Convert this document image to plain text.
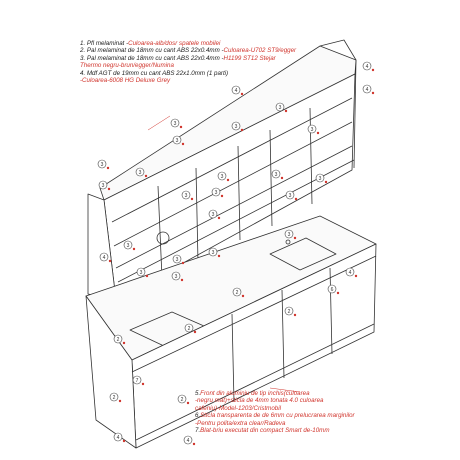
4
4
4
3
3
3
3
3
3
3
3	3
3
3	3
3
3
3
3
3
3
3
3
3
4
2	6
4
2
2
2
7
2
2
4	4
1. Pfl melaminat -Culoarea-alb/dosr spatele mobilei
2. Pal melaminat de 18mm cu cant ABS 22x0.4mm -Culoarea-U702 ST9/egger
3. Pal melaminat de 18mm cu cant ABS 22x0.4mm -H1199 ST12 Stejar
Thermo negru-brun/egger/Numina
4. Mdf AGT de 19mm cu cant ABS 22x1.0mm (1 parti)
-Culoarea-6008 HG Deluxe Grey
5.Front din aluminiu de tip inchis(culoarea
-negru mat)+sticla de 4mm tonata 4.0 culoarea
cafeniu)-Model-1203/Cristmobil
6.Sticla transparenta de de 6mm cu prelucrarea marginilor
-Pentru polita/extra clear/Radeva
7.Blat-briu executat din compact Smart de-10mm
